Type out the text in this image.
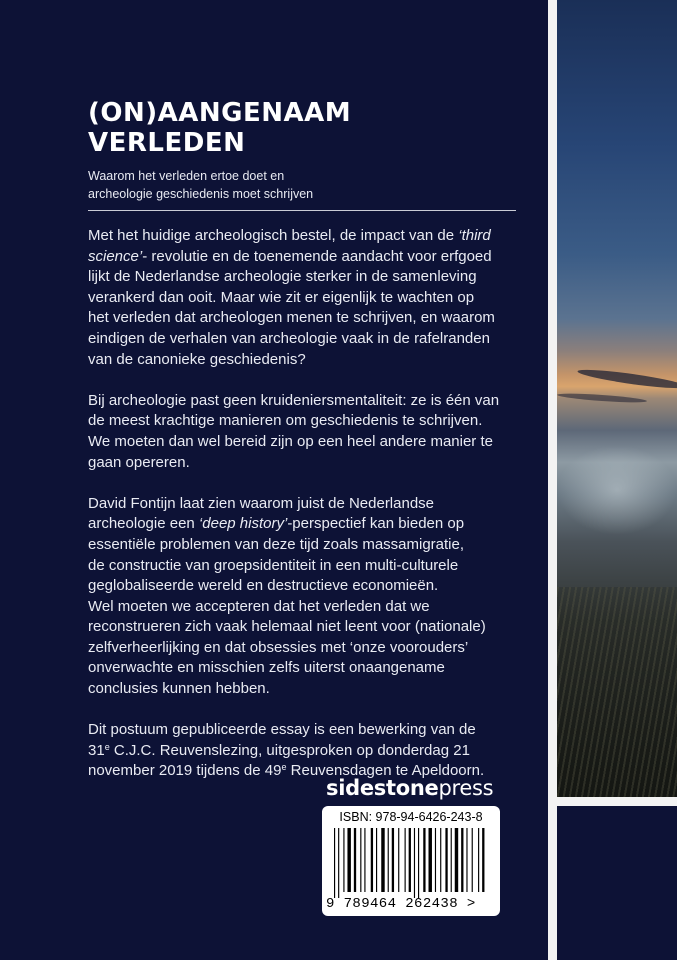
(ON)AANGENAAM
VERLEDEN
Waarom het verleden ertoe doet en
archeologie geschiedenis moet schrijven

Met het huidige archeologisch bestel, de impact van de ‘third
science’- revolutie en de toenemende aandacht voor erfgoed
lijkt de Nederlandse archeologie sterker in de samenleving
verankerd dan ooit. Maar wie zit er eigenlijk te wachten op
het verleden dat archeologen menen te schrijven, en waarom
eindigen de verhalen van archeologie vaak in de rafelranden
van de canonieke geschiedenis?

Bij archeologie past geen kruideniersmentaliteit: ze is één van
de meest krachtige manieren om geschiedenis te schrijven.
We moeten dan wel bereid zijn op een heel andere manier te
gaan opereren.

David Fontijn laat zien waarom juist de Nederlandse
archeologie een ‘deep history’-perspectief kan bieden op
essentiële problemen van deze tijd zoals massamigratie,
de constructie van groepsidentiteit in een multi-culturele
geglobaliseerde wereld en destructieve economieën.
Wel moeten we accepteren dat het verleden dat we
reconstrueren zich vaak helemaal niet leent voor (nationale)
zelfverheerlijking en dat obsessies met ‘onze voorouders’
onverwachte en misschien zelfs uiterst onaangename
conclusies kunnen hebben.

Dit postuum gepubliceerde essay is een bewerking van de
31e C.J.C. Reuvenslezing, uitgesproken op donderdag 21
november 2019 tijdens de 49e Reuvensdagen te Apeldoorn.

sidestonepress
ISBN: 978-94-6426-243-8
9 789464 262438 >
